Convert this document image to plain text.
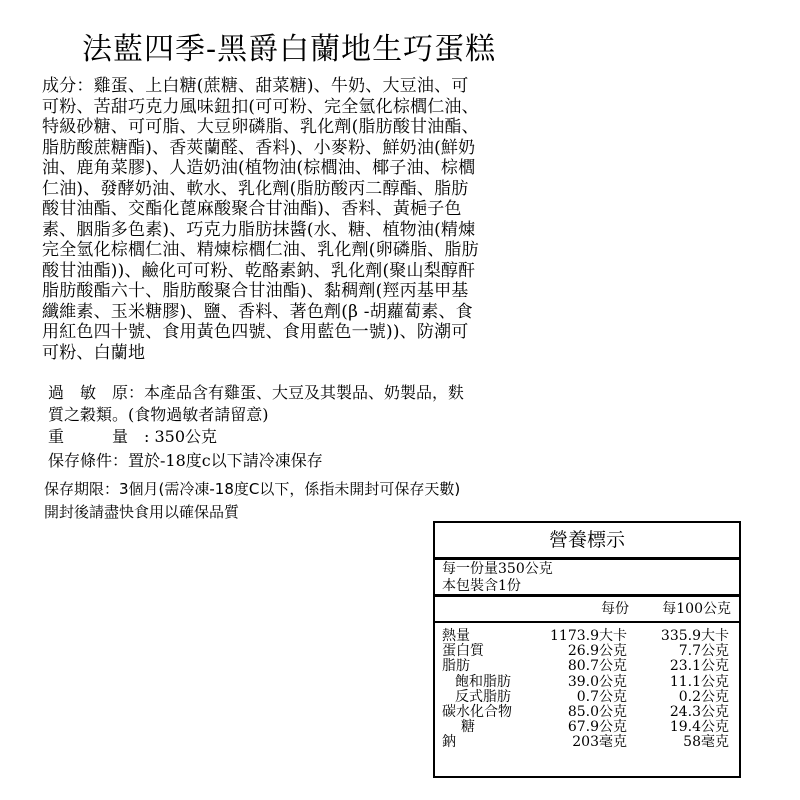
法藍四季-黑爵白蘭地生巧蛋糕
成分：雞蛋、上白糖(蔗糖、甜菜糖)、牛奶、大豆油、可
可粉、苦甜巧克力風味鈕扣(可可粉、完全氫化棕櫚仁油、
特級砂糖、可可脂、大豆卵磷脂、乳化劑(脂肪酸甘油酯、
脂肪酸蔗糖酯)、香莢蘭醛、香料)、小麥粉、鮮奶油(鮮奶
油、鹿角菜膠)、人造奶油(植物油(棕櫚油、椰子油、棕櫚
仁油)、發酵奶油、軟水、乳化劑(脂肪酸丙二醇酯、脂肪
酸甘油酯、交酯化蓖麻酸聚合甘油酯)、香料、黃梔子色
素、胭脂多色素)、巧克力脂肪抹醬(水、糖、植物油(精煉
完全氫化棕櫚仁油、精煉棕櫚仁油、乳化劑(卵磷脂、脂肪
酸甘油酯))、鹼化可可粉、乾酪素鈉、乳化劑(聚山梨醇酐
脂肪酸酯六十、脂肪酸聚合甘油酯)、黏稠劑(羥丙基甲基
纖維素、玉米糖膠)、鹽、香料、著色劑(β -胡蘿蔔素、食
用紅色四十號、食用黃色四號、食用藍色一號))、防潮可
可粉、白蘭地
過　敏　原：本產品含有雞蛋、大豆及其製品、奶製品，麩
質之穀類。(食物過敏者請留意)
重　　　量 : 350公克
保存條件：置於-18度c以下請冷凍保存
保存期限：3個月(需冷凍-18度C以下，係指未開封可保存天數)
開封後請盡快食用以確保品質
營養標示
每一份量350公克
本包裝含1份
每份 每100公克
熱量	1173.9大卡 335.9大卡
蛋白質	26.9公克	7.7公克
脂肪	80.7公克	23.1公克
飽和脂肪	39.0公克	11.1公克
反式脂肪	0.7公克	0.2公克
碳水化合物	85.0公克	24.3公克
糖	67.9公克	19.4公克
鈉	203毫克	58毫克
